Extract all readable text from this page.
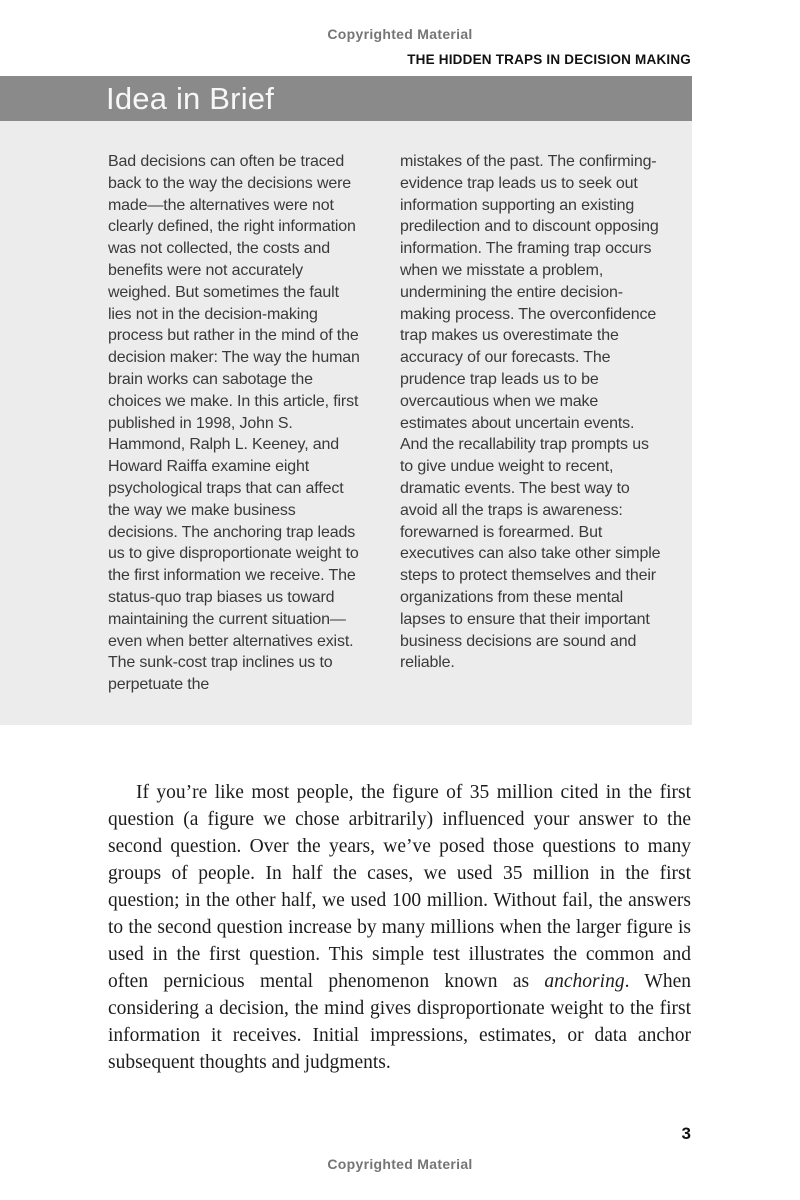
Copyrighted Material
THE HIDDEN TRAPS IN DECISION MAKING
Idea in Brief
Bad decisions can often be traced back to the way the decisions were made—the alternatives were not clearly defined, the right information was not collected, the costs and benefits were not accurately weighed. But sometimes the fault lies not in the decision-making process but rather in the mind of the decision maker: The way the human brain works can sabotage the choices we make. In this article, first published in 1998, John S. Hammond, Ralph L. Keeney, and Howard Raiffa examine eight psychological traps that can affect the way we make business decisions. The anchoring trap leads us to give disproportionate weight to the first information we receive. The status-quo trap biases us toward maintaining the current situation—even when better alternatives exist. The sunk-cost trap inclines us to perpetuate the
mistakes of the past. The confirming-evidence trap leads us to seek out information supporting an existing predilection and to discount opposing information. The framing trap occurs when we misstate a problem, undermining the entire decision-making process. The overconfidence trap makes us overestimate the accuracy of our forecasts. The prudence trap leads us to be overcautious when we make estimates about uncertain events. And the recallability trap prompts us to give undue weight to recent, dramatic events. The best way to avoid all the traps is awareness: forewarned is forearmed. But executives can also take other simple steps to protect themselves and their organizations from these mental lapses to ensure that their important business decisions are sound and reliable.

If you’re like most people, the figure of 35 million cited in the first question (a figure we chose arbitrarily) influenced your answer to the second question. Over the years, we’ve posed those questions to many groups of people. In half the cases, we used 35 million in the first question; in the other half, we used 100 million. Without fail, the answers to the second question increase by many millions when the larger figure is used in the first question. This simple test illustrates the common and often pernicious mental phenomenon known as anchoring. When considering a decision, the mind gives disproportionate weight to the first information it receives. Initial impressions, estimates, or data anchor subsequent thoughts and judgments.

3
Copyrighted Material
